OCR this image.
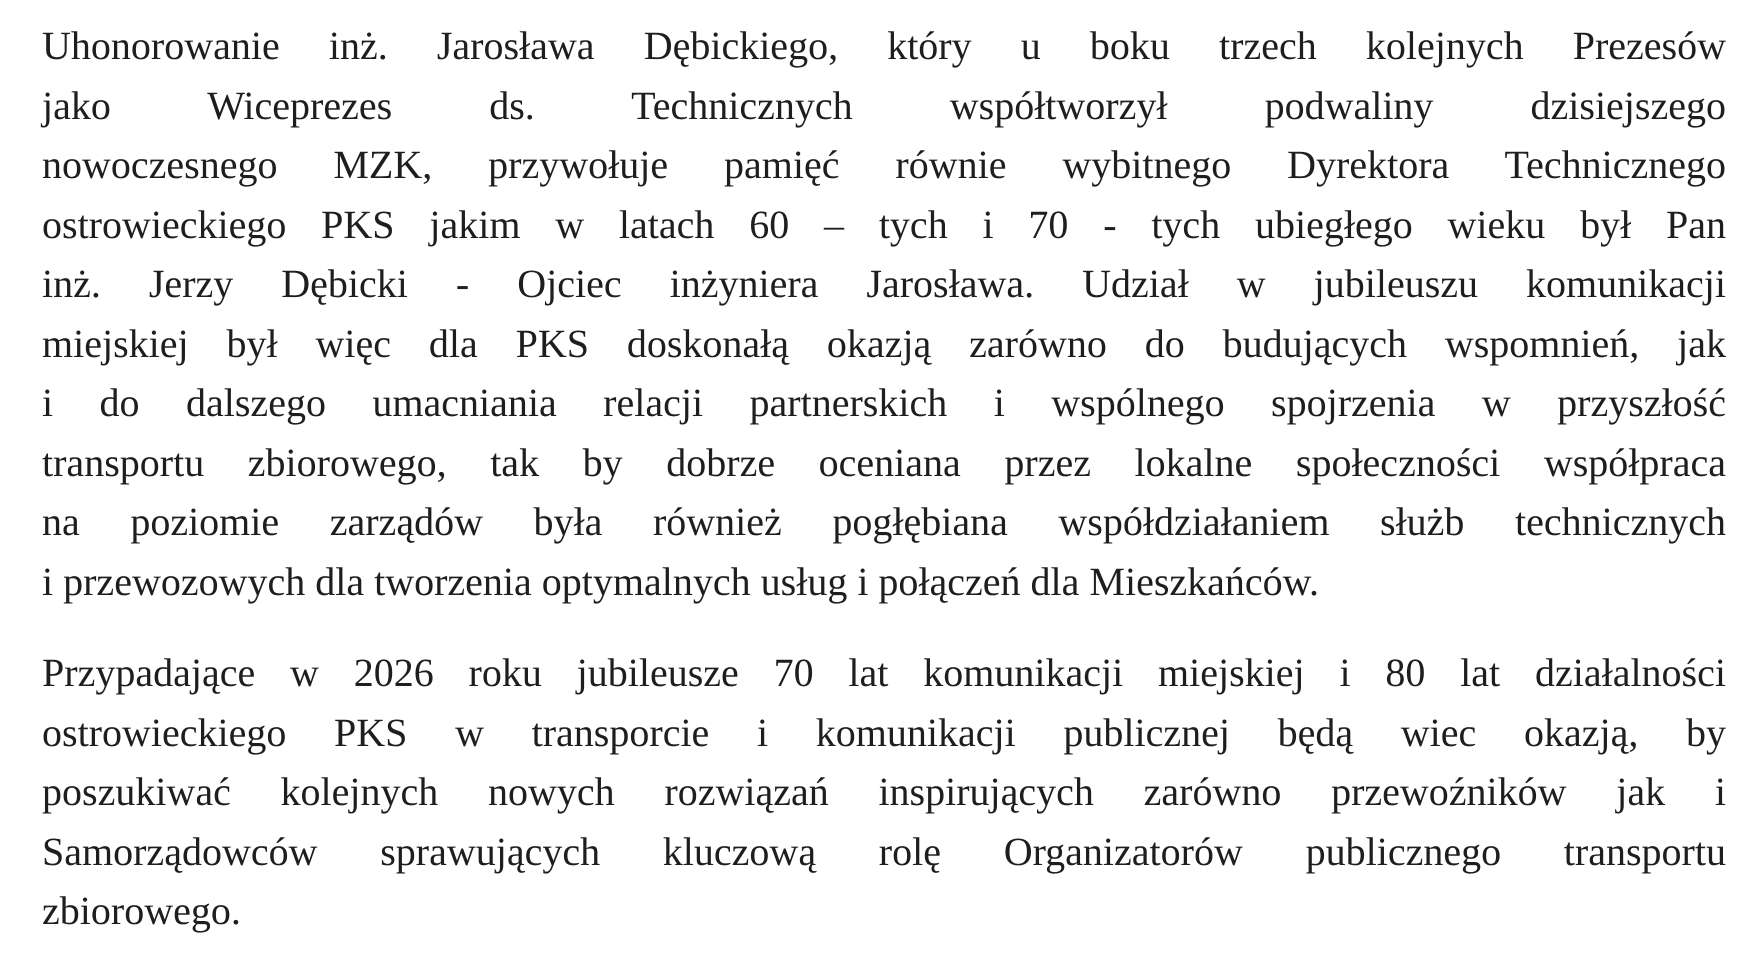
Uhonorowanie inż. Jarosława Dębickiego, który u boku trzech kolejnych Prezesów
jako Wiceprezes ds. Technicznych współtworzył podwaliny dzisiejszego
nowoczesnego MZK, przywołuje pamięć równie wybitnego Dyrektora Technicznego
ostrowieckiego PKS jakim w latach 60 – tych i 70 - tych ubiegłego wieku był Pan
inż. Jerzy Dębicki - Ojciec inżyniera Jarosława. Udział w jubileuszu komunikacji
miejskiej był więc dla PKS doskonałą okazją zarówno do budujących wspomnień, jak
i do dalszego umacniania relacji partnerskich i wspólnego spojrzenia w przyszłość
transportu zbiorowego, tak by dobrze oceniana przez lokalne społeczności współpraca
na poziomie zarządów była również pogłębiana współdziałaniem służb technicznych
i przewozowych dla tworzenia optymalnych usług i połączeń dla Mieszkańców.

Przypadające w 2026 roku jubileusze 70 lat komunikacji miejskiej i 80 lat działalności
ostrowieckiego PKS w transporcie i komunikacji publicznej będą wiec okazją, by
poszukiwać kolejnych nowych rozwiązań inspirujących zarówno przewoźników jak i
Samorządowców sprawujących kluczową rolę Organizatorów publicznego transportu
zbiorowego.
